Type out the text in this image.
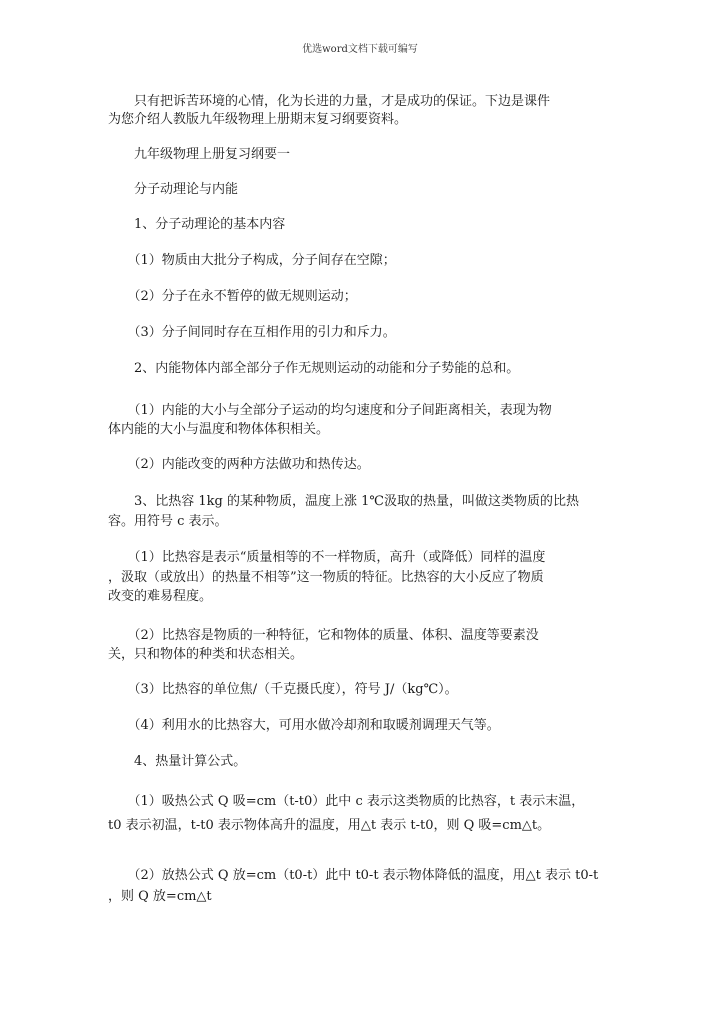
优选word文档下载可编写
　　只有把诉苦环境的心情，化为长进的力量，才是成功的保证。下边是课件
为您介绍人教版九年级物理上册期末复习纲要资料。
　　九年级物理上册复习纲要一
　　分子动理论与内能
　　1、分子动理论的基本内容
　　（1）物质由大批分子构成，分子间存在空隙；
　　（2）分子在永不暂停的做无规则运动；
　　（3）分子间同时存在互相作用的引力和斥力。
　　2、内能物体内部全部分子作无规则运动的动能和分子势能的总和。
　　（1）内能的大小与全部分子运动的均匀速度和分子间距离相关，表现为物
体内能的大小与温度和物体体积相关。
　　（2）内能改变的两种方法做功和热传达。
　　3、比热容 1kg 的某种物质，温度上涨 1℃汲取的热量，叫做这类物质的比热
容。用符号 c 表示。
　　（1）比热容是表示“质量相等的不一样物质，高升（或降低）同样的温度
，汲取（或放出）的热量不相等”这一物质的特征。比热容的大小反应了物质
改变的难易程度。
　　（2）比热容是物质的一种特征，它和物体的质量、体积、温度等要素没
关，只和物体的种类和状态相关。
　　（3）比热容的单位焦/（千克摄氏度），符号 J/（kg℃）。
　　（4）利用水的比热容大，可用水做冷却剂和取暖剂调理天气等。
　　4、热量计算公式。
　　（1）吸热公式 Q 吸=cm（t-t0）此中 c 表示这类物质的比热容，t 表示末温，
t0 表示初温，t-t0 表示物体高升的温度，用△t 表示 t-t0，则 Q 吸=cm△t。
　　（2）放热公式 Q 放=cm（t0-t）此中 t0-t 表示物体降低的温度，用△t 表示 t0-t
，则 Q 放=cm△t
